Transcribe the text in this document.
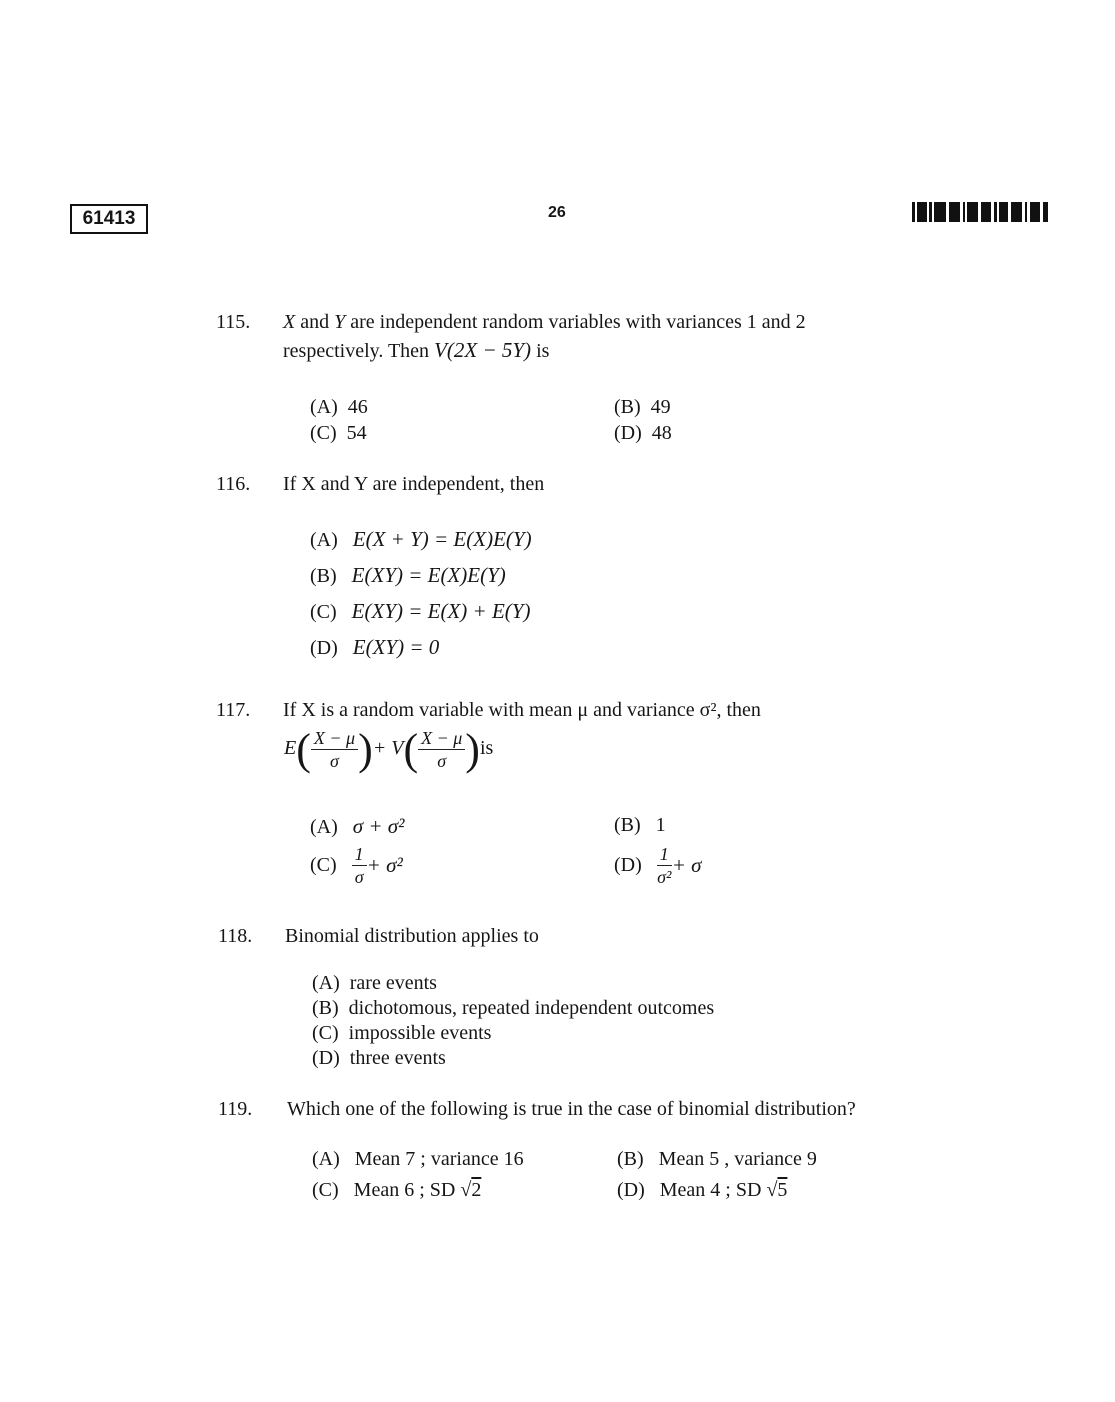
61413	26
115. X and Y are independent random variables with variances 1 and 2
respectively. Then V(2X − 5Y) is
(A) 46	(B) 49
(C) 54	(D) 48
116. If X and Y are independent, then
(A) E(X + Y) = E(X)E(Y)
(B) E(XY) = E(X)E(Y)
(C) E(XY) = E(X) + E(Y)
(D) E(XY) = 0
117. If X is a random variable with mean μ and variance σ², then
$E( \frac{X - \mu}{\sigma}$ )+ $V( \frac{X - \mu}{\sigma} )is$
(A) σ + σ²	(B) 1
$(C) \frac{1}{\sigma} + \sigma^2$	$(D) \frac{1}{\text{σ²}} + \sigma$
118. Binomial distribution applies to
(A) rare events
(B) dichotomous, repeated independent outcomes
(C) impossible events
(D) three events
119. Which one of the following is true in the case of binomial distribution?
(A) Mean 7 ; variance 16	(B) Mean 5 , variance 9
(C) Mean 6 ; SD √2	(D) Mean 4 ; SD √5
